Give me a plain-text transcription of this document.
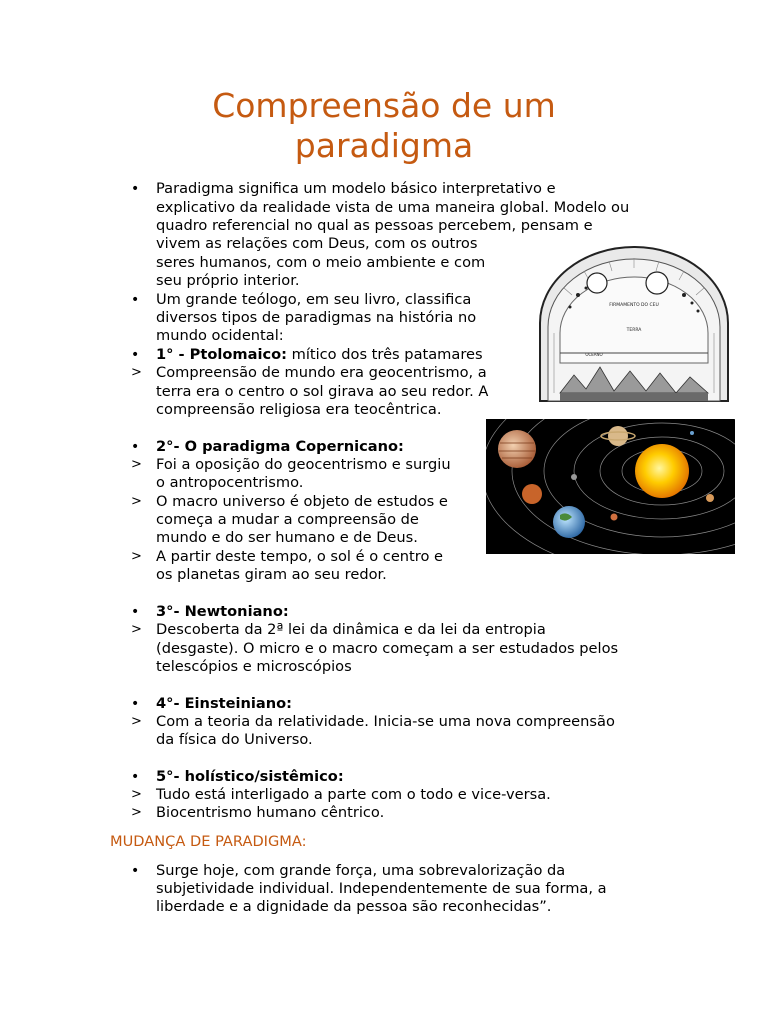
Compreensão de um
paradigma
• Paradigma significa um modelo básico interpretativo e
explicativo da realidade vista de uma maneira global. Modelo ou
quadro referencial no qual as pessoas percebem, pensam e
vivem as relações com Deus, com os outros
seres humanos, com o meio ambiente e com
seu próprio interior.
• Um grande teólogo, em seu livro, classifica
diversos tipos de paradigmas na história no
mundo ocidental:
• 1° - Ptolomaico: mítico dos três patamares
> Compreensão de mundo era geocentrismo, a
terra era o centro o sol girava ao seu redor. A
compreensão religiosa era teocêntrica.
• 2°- O paradigma Copernicano:
> Foi a oposição do geocentrismo e surgiu
o antropocentrismo.
> O macro universo é objeto de estudos e
começa a mudar a compreensão de
mundo e do ser humano e de Deus.
> A partir deste tempo, o sol é o centro e
os planetas giram ao seu redor.
• 3°- Newtoniano:
> Descoberta da 2ª lei da dinâmica e da lei da entropia
(desgaste). O micro e o macro começam a ser estudados pelos
telescópios e microscópios
• 4°- Einsteiniano:
> Com a teoria da relatividade. Inicia-se uma nova compreensão
da física do Universo.
• 5°- holístico/sistêmico:
> Tudo está interligado a parte com o todo e vice-versa.
> Biocentrismo humano cêntrico.
MUDANÇA DE PARADIGMA:
• Surge hoje, com grande força, uma sobrevalorização da
subjetividade individual. Independentemente de sua forma, a
liberdade e a dignidade da pessoa são reconhecidas”.
FIRMAMENTO DO CEU
TERRA
OCEANO
